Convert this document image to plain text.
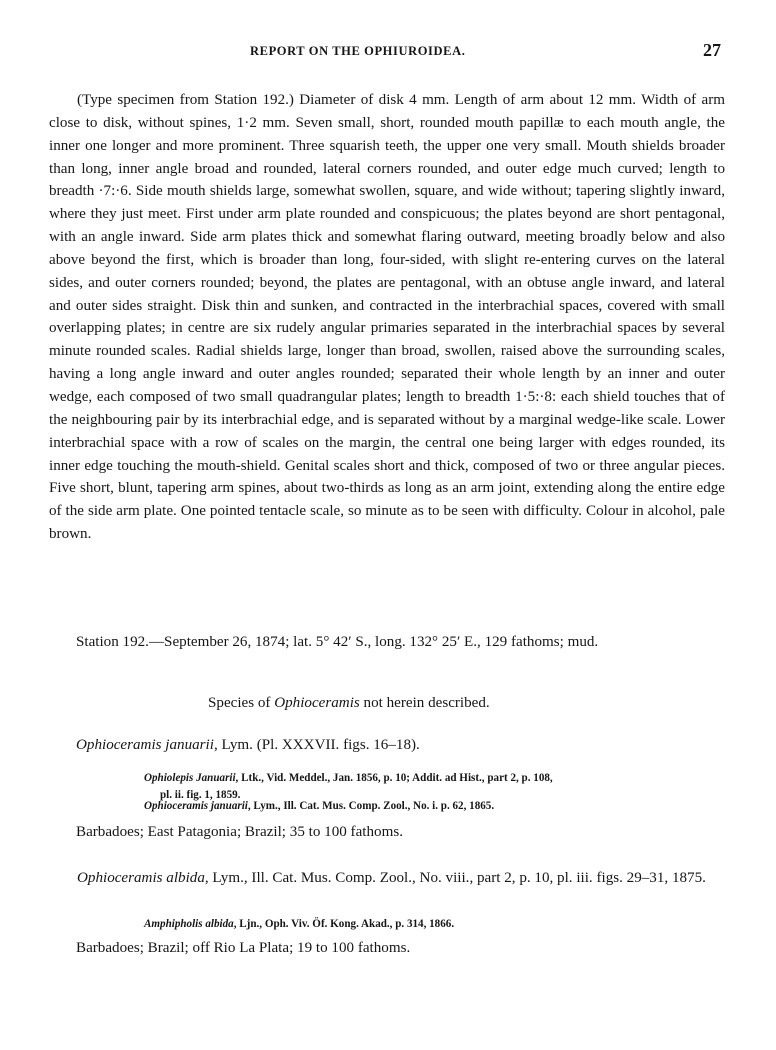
REPORT ON THE OPHIUROIDEA.	27

(Type specimen from Station 192.) Diameter of disk 4 mm. Length of arm about 12 mm. Width of arm close to disk, without spines, 1·2 mm. Seven small, short, rounded mouth papillæ to each mouth angle, the inner one longer and more prominent. Three squarish teeth, the upper one very small. Mouth shields broader than long, inner angle broad and rounded, lateral corners rounded, and outer edge much curved; length to breadth ·7:·6. Side mouth shields large, somewhat swollen, square, and wide without; tapering slightly inward, where they just meet. First under arm plate rounded and conspicuous; the plates beyond are short pentagonal, with an angle inward. Side arm plates thick and somewhat flaring outward, meeting broadly below and also above beyond the first, which is broader than long, four-sided, with slight re-entering curves on the lateral sides, and outer corners rounded; beyond, the plates are pentagonal, with an obtuse angle inward, and lateral and outer sides straight. Disk thin and sunken, and contracted in the interbrachial spaces, covered with small overlapping plates; in centre are six rudely angular primaries separated in the interbrachial spaces by several minute rounded scales. Radial shields large, longer than broad, swollen, raised above the surrounding scales, having a long angle inward and outer angles rounded; separated their whole length by an inner and outer wedge, each composed of two small quadrangular plates; length to breadth 1·5:·8: each shield touches that of the neighbouring pair by its interbrachial edge, and is separated without by a marginal wedge-like scale. Lower interbrachial space with a row of scales on the margin, the central one being larger with edges rounded, its inner edge touching the mouth-shield. Genital scales short and thick, composed of two or three angular pieces. Five short, blunt, tapering arm spines, about two-thirds as long as an arm joint, extending along the entire edge of the side arm plate. One pointed tentacle scale, so minute as to be seen with difficulty. Colour in alcohol, pale brown.

Station 192.—September 26, 1874; lat. 5° 42′ S., long. 132° 25′ E., 129 fathoms; mud.
Species of Ophioceramis not herein described.
Ophioceramis januarii, Lym. (Pl. XXXVII. figs. 16–18).
Ophiolepis Januarii, Ltk., Vid. Meddel., Jan. 1856, p. 10; Addit. ad Hist., part 2, p. 108,
pl. ii. fig. 1, 1859.
Ophioceramis januarii, Lym., Ill. Cat. Mus. Comp. Zool., No. i. p. 62, 1865.
Barbadoes; East Patagonia; Brazil; 35 to 100 fathoms.
Ophioceramis albida, Lym., Ill. Cat. Mus. Comp. Zool., No. viii., part 2, p. 10, pl. iii. figs. 29–31, 1875.
Amphipholis albida, Ljn., Oph. Viv. Öf. Kong. Akad., p. 314, 1866.
Barbadoes; Brazil; off Rio La Plata; 19 to 100 fathoms.
